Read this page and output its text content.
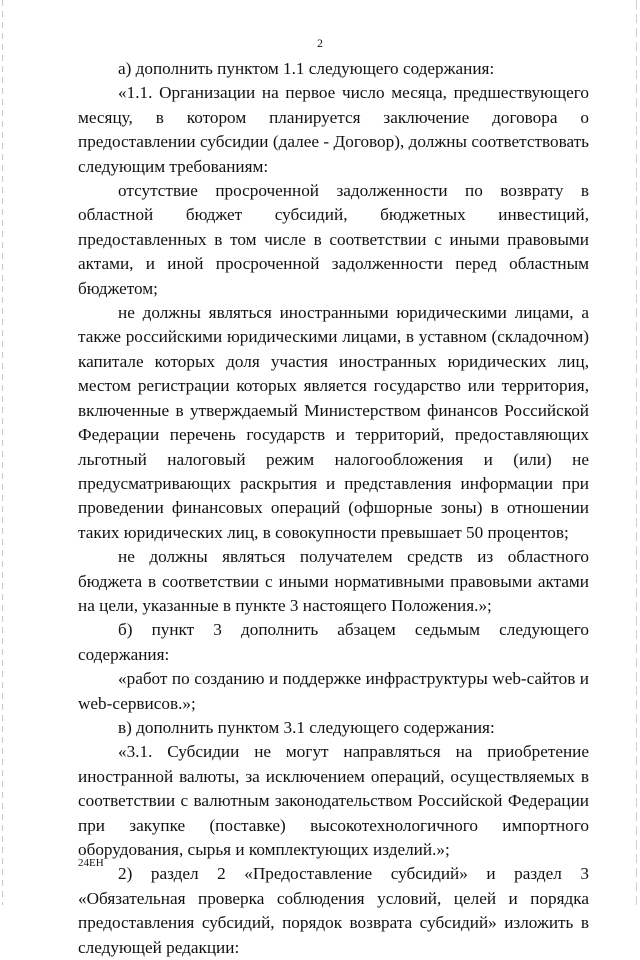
2

а) дополнить пунктом 1.1 следующего содержания:

«1.1. Организации на первое число месяца, предшествующего месяцу, в котором планируется заключение договора о предоставлении субсидии (далее - Договор), должны соответствовать следующим требованиям:

отсутствие просроченной задолженности по возврату в областной бюджет субсидий, бюджетных инвестиций, предоставленных в том числе в соответствии с иными правовыми актами, и иной просроченной задолженности перед областным бюджетом;

не должны являться иностранными юридическими лицами, а также российскими юридическими лицами, в уставном (складочном) капитале которых доля участия иностранных юридических лиц, местом регистрации которых является государство или территория, включенные в утверждаемый Министерством финансов Российской Федерации перечень государств и территорий, предоставляющих льготный налоговый режим налогообложения и (или) не предусматривающих раскрытия и представления информации при проведении финансовых операций (офшорные зоны) в отношении таких юридических лиц, в совокупности превышает 50 процентов;

не должны являться получателем средств из областного бюджета в соответствии с иными нормативными правовыми актами на цели, указанные в пункте 3 настоящего Положения.»;

б) пункт 3 дополнить абзацем седьмым следующего содержания:

«работ по созданию и поддержке инфраструктуры web-сайтов и web-сервисов.»;

в) дополнить пунктом 3.1 следующего содержания:

«3.1. Субсидии не могут направляться на приобретение иностранной валюты, за исключением операций, осуществляемых в соответствии с валютным законодательством Российской Федерации при закупке (поставке) высокотехнологичного импортного оборудования, сырья и комплектующих изделий.»;

2) раздел 2 «Предоставление субсидий» и раздел 3 «Обязательная проверка соблюдения условий, целей и порядка предоставления субсидий, порядок возврата субсидий» изложить в следующей редакции:

24ЕН
